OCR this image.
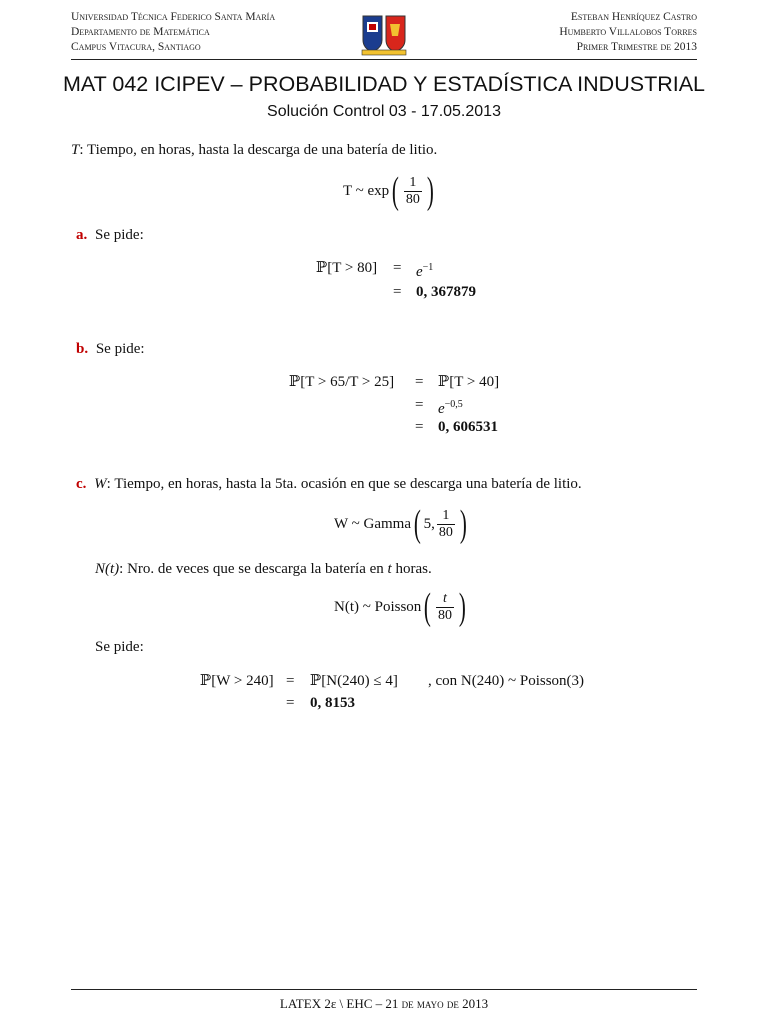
Universidad Técnica Federico Santa María
Departamento de Matemática
Campus Vitacura, Santiago
Esteban Henríquez Castro
Humberto Villalobos Torres
Primer Trimestre de 2013
MAT 042 ICIPEV – PROBABILIDAD Y ESTADÍSTICA INDUSTRIAL
Solución Control 03 - 17.05.2013
T: Tiempo, en horas, hasta la descarga de una batería de litio.
T ~ exp ( $\frac{1}{80}$ )
a. Se pide:
ℙ[T > $80] = e^{-1}$
= 0, 367879
b. Se pide:
ℙ[T > 65/T > 25] = ℙ[T > 40]
= $e^{-0,5}$
= 0, 606531
c. W: Tiempo, en horas, hasta la 5ta. ocasión en que se descarga una batería de litio.
W ~ Gamma ( 5, $\frac{1}{80}$ )
N(t): Nro. de veces que se descarga la batería en t horas.
N(t) ~ Poisson ( $\frac{t}{80}$ )
Se pide:
ℙ[W > 240] = ℙ[N(240) ≤ 4] , con N(240) ~ Poisson(3)
= 0, 8153
LATEX 2ε \ EHC – 21 de mayo de 2013
